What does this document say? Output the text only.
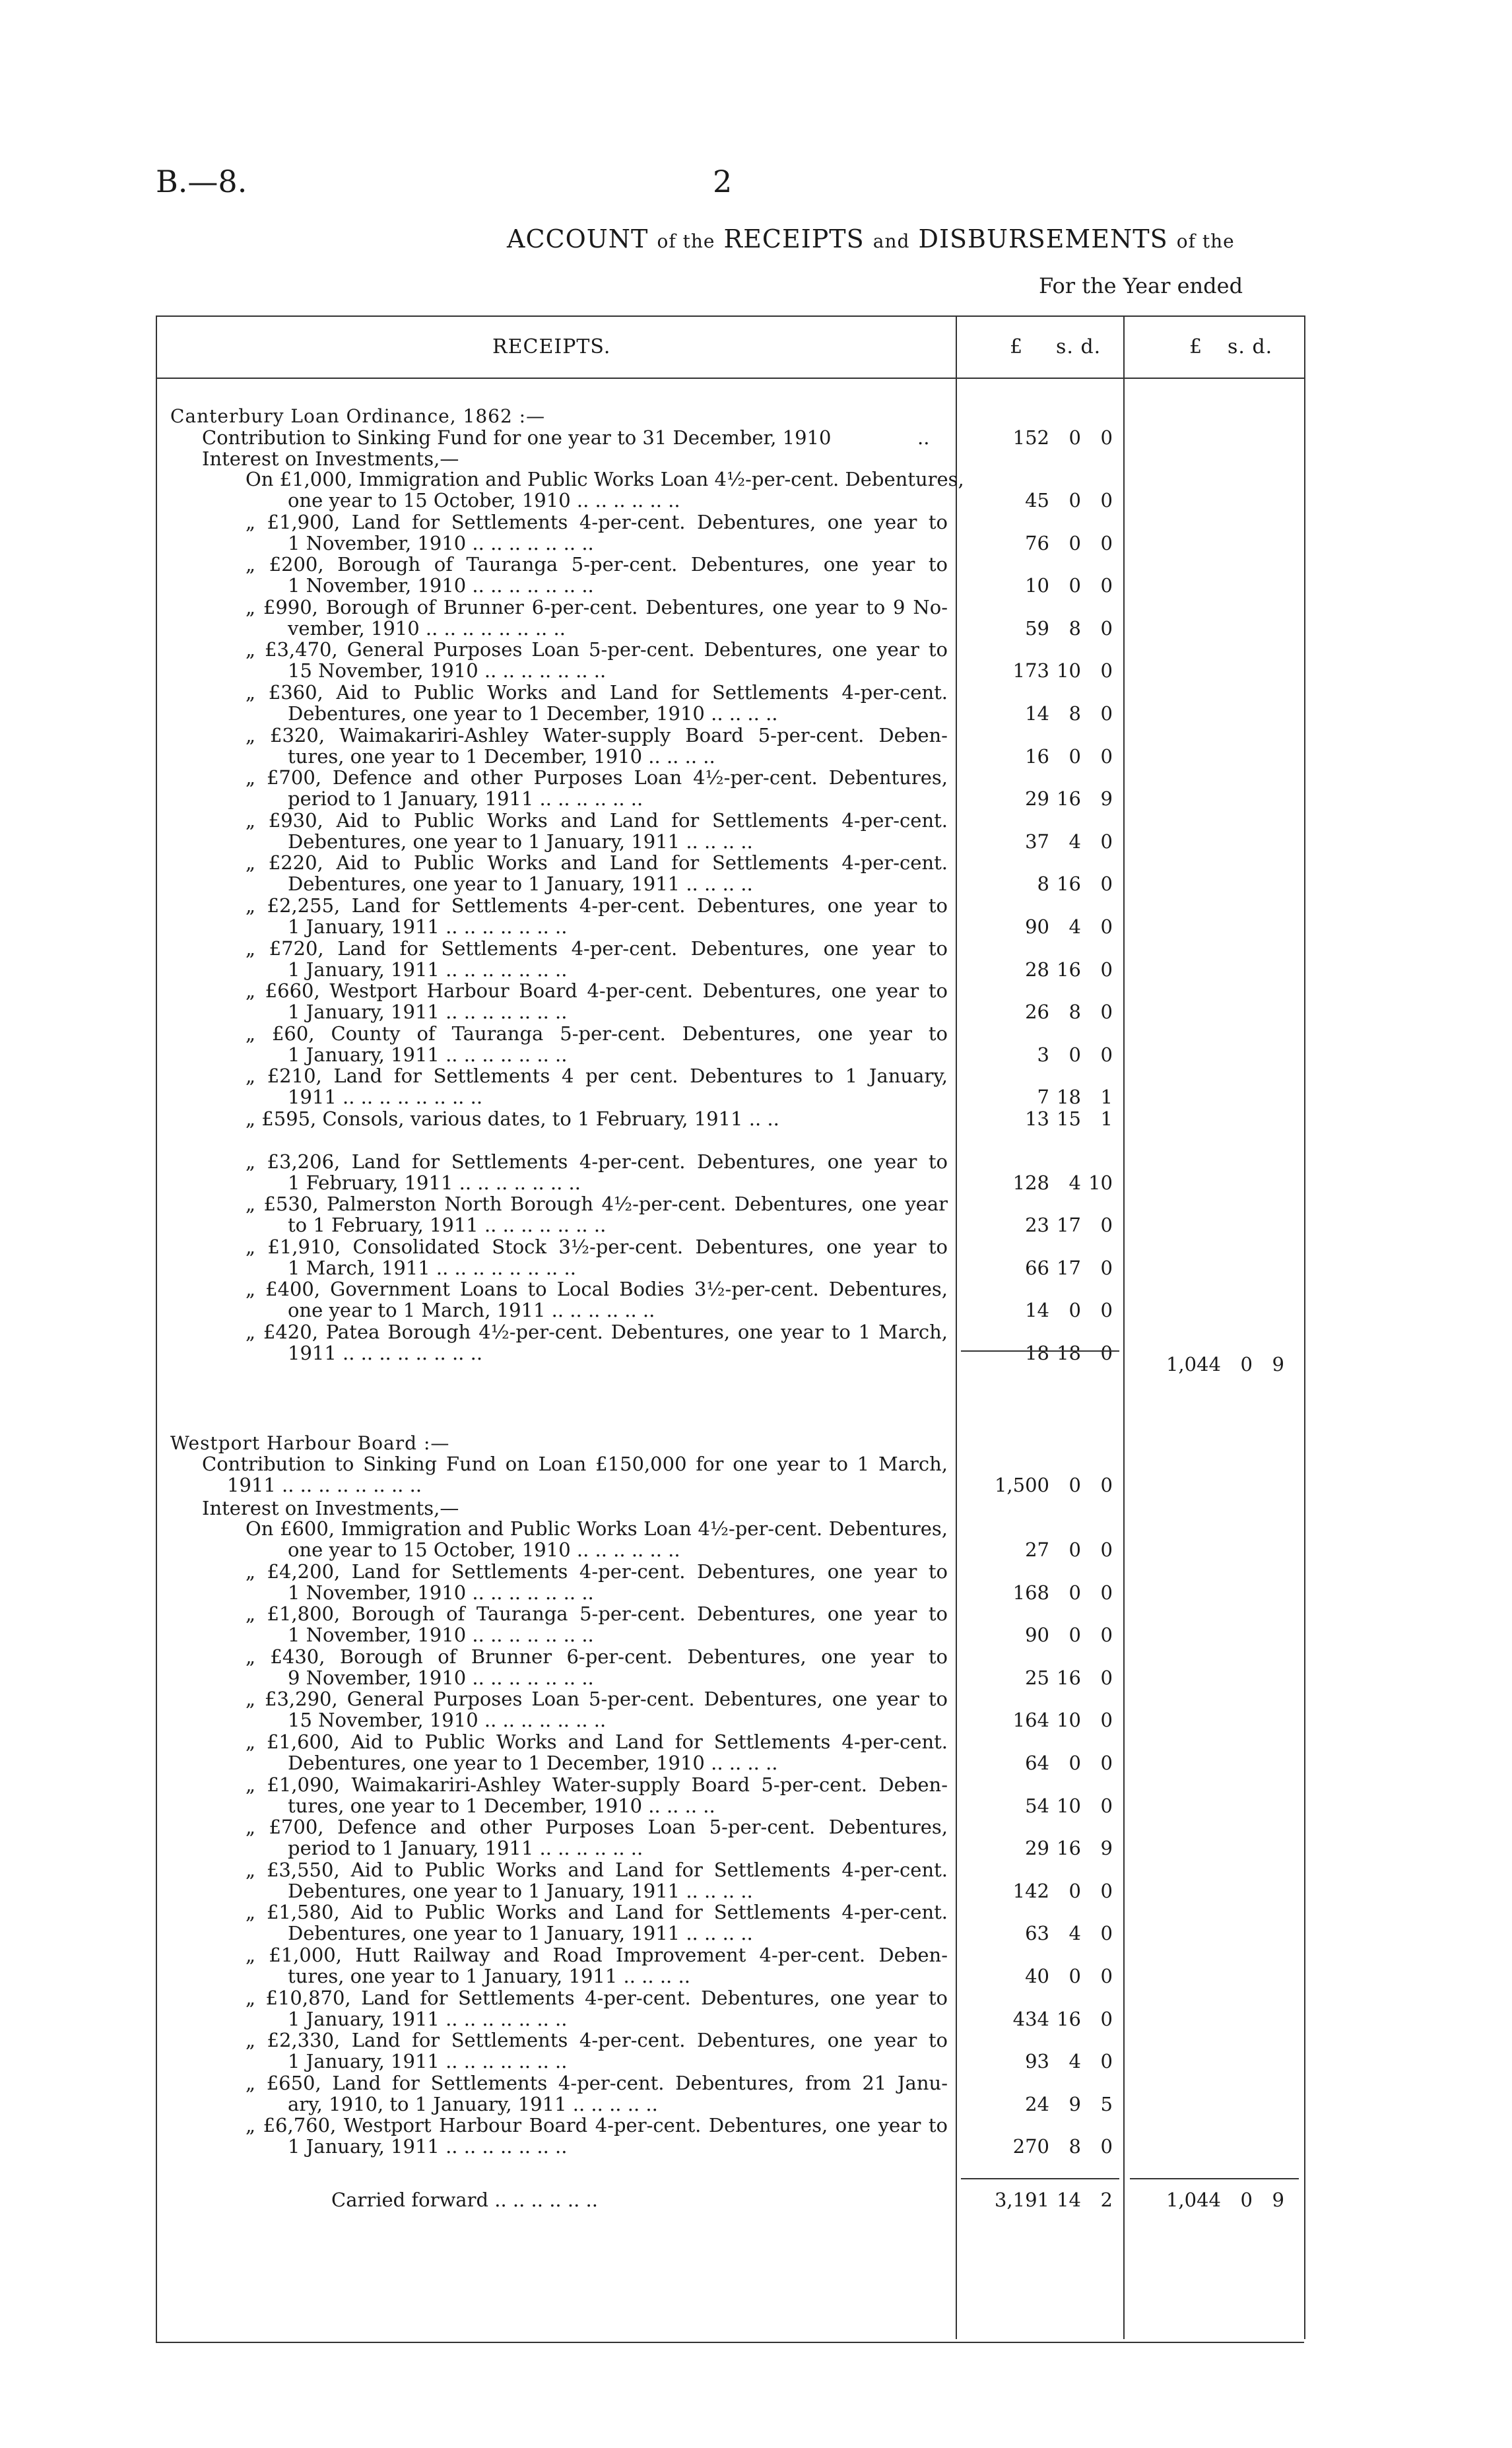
B.—8.	2
ACCOUNT of the RECEIPTS and DISBURSEMENTS of the
For the Year ended
RECEIPTS.	£ s. d.	£ s. d.
Canterbury Loan Ordinance, 1862 :—
Contribution to Sinking Fund for one year to 31 December, 1910	..	152 0 0
Interest on Investments,—
On £1,000, Immigration and Public Works Loan 4½-per-cent. Debentures,
one year to 15 October, 1910 .. .. .. .. .. ..	45 0 0
„ £1,900, Land for Settlements 4-per-cent. Debentures, one year to
1 November, 1910 .. .. .. .. .. .. ..	76 0 0
„ £200, Borough of Tauranga 5-per-cent. Debentures, one year to
1 November, 1910 .. .. .. .. .. .. ..	10 0 0
„ £990, Borough of Brunner 6-per-cent. Debentures, one year to 9 No-
vember, 1910 .. .. .. .. .. .. .. ..	59 8 0
„ £3,470, General Purposes Loan 5-per-cent. Debentures, one year to
15 November, 1910 .. .. .. .. .. .. ..	173 10 0
„ £360, Aid to Public Works and Land for Settlements 4-per-cent.
Debentures, one year to 1 December, 1910 .. .. .. ..	14 8 0
„ £320, Waimakariri-Ashley Water-supply Board 5-per-cent. Deben-
tures, one year to 1 December, 1910 .. .. .. ..	16 0 0
„ £700, Defence and other Purposes Loan 4½-per-cent. Debentures,
period to 1 January, 1911 .. .. .. .. .. ..	29 16 9
„ £930, Aid to Public Works and Land for Settlements 4-per-cent.
Debentures, one year to 1 January, 1911 .. .. .. ..	37 4 0
„ £220, Aid to Public Works and Land for Settlements 4-per-cent.
Debentures, one year to 1 January, 1911 .. .. .. ..	8 16 0
„ £2,255, Land for Settlements 4-per-cent. Debentures, one year to
1 January, 1911 .. .. .. .. .. .. ..	90 4 0
„ £720, Land for Settlements 4-per-cent. Debentures, one year to
1 January, 1911 .. .. .. .. .. .. ..	28 16 0
„ £660, Westport Harbour Board 4-per-cent. Debentures, one year to
1 January, 1911 .. .. .. .. .. .. ..	26 8 0
„ £60, County of Tauranga 5-per-cent. Debentures, one year to
1 January, 1911 .. .. .. .. .. .. ..	3 0 0
„ £210, Land for Settlements 4 per cent. Debentures to 1 January,
1911 .. .. .. .. .. .. .. ..	7 18 1
„ £595, Consols, various dates, to 1 February, 1911 .. ..	13 15 1
„ £3,206, Land for Settlements 4-per-cent. Debentures, one year to
1 February, 1911 .. .. .. .. .. .. ..	128 4 10
„ £530, Palmerston North Borough 4½-per-cent. Debentures, one year
to 1 February, 1911 .. .. .. .. .. .. ..	23 17 0
„ £1,910, Consolidated Stock 3½-per-cent. Debentures, one year to
1 March, 1911 .. .. .. .. .. .. .. ..	66 17 0
„ £400, Government Loans to Local Bodies 3½-per-cent. Debentures,
one year to 1 March, 1911 .. .. .. .. .. ..	14 0 0
„ £420, Patea Borough 4½-per-cent. Debentures, one year to 1 March,
1911 .. .. .. .. .. .. .. ..	18 18 0	1,044 0 9
Westport Harbour Board :—
Contribution to Sinking Fund on Loan £150,000 for one year to 1 March,
1911 .. .. .. .. .. .. .. ..	1,500 0 0
Interest on Investments,—
On £600, Immigration and Public Works Loan 4½-per-cent. Debentures,
one year to 15 October, 1910 .. .. .. .. .. ..	27 0 0
„ £4,200, Land for Settlements 4-per-cent. Debentures, one year to
1 November, 1910 .. .. .. .. .. .. ..	168 0 0
„ £1,800, Borough of Tauranga 5-per-cent. Debentures, one year to
1 November, 1910 .. .. .. .. .. .. ..	90 0 0
„ £430, Borough of Brunner 6-per-cent. Debentures, one year to
9 November, 1910 .. .. .. .. .. .. ..	25 16 0
„ £3,290, General Purposes Loan 5-per-cent. Debentures, one year to
15 November, 1910 .. .. .. .. .. .. ..	164 10 0
„ £1,600, Aid to Public Works and Land for Settlements 4-per-cent.
Debentures, one year to 1 December, 1910 .. .. .. ..	64 0 0
„ £1,090, Waimakariri-Ashley Water-supply Board 5-per-cent. Deben-
tures, one year to 1 December, 1910 .. .. .. ..	54 10 0
„ £700, Defence and other Purposes Loan 5-per-cent. Debentures,
period to 1 January, 1911 .. .. .. .. .. ..	29 16 9
„ £3,550, Aid to Public Works and Land for Settlements 4-per-cent.
Debentures, one year to 1 January, 1911 .. .. .. ..	142 0 0
„ £1,580, Aid to Public Works and Land for Settlements 4-per-cent.
Debentures, one year to 1 January, 1911 .. .. .. ..	63 4 0
„ £1,000, Hutt Railway and Road Improvement 4-per-cent. Deben-
tures, one year to 1 January, 1911 .. .. .. ..	40 0 0
„ £10,870, Land for Settlements 4-per-cent. Debentures, one year to
1 January, 1911 .. .. .. .. .. .. ..	434 16 0
„ £2,330, Land for Settlements 4-per-cent. Debentures, one year to
1 January, 1911 .. .. .. .. .. .. ..	93 4 0
„ £650, Land for Settlements 4-per-cent. Debentures, from 21 Janu-
ary, 1910, to 1 January, 1911 .. .. .. .. ..	24 9 5
„ £6,760, Westport Harbour Board 4-per-cent. Debentures, one year to
1 January, 1911 .. .. .. .. .. .. ..	270 8 0
Carried forward .. .. .. .. .. ..	3,191 14 2	1,044 0 9
